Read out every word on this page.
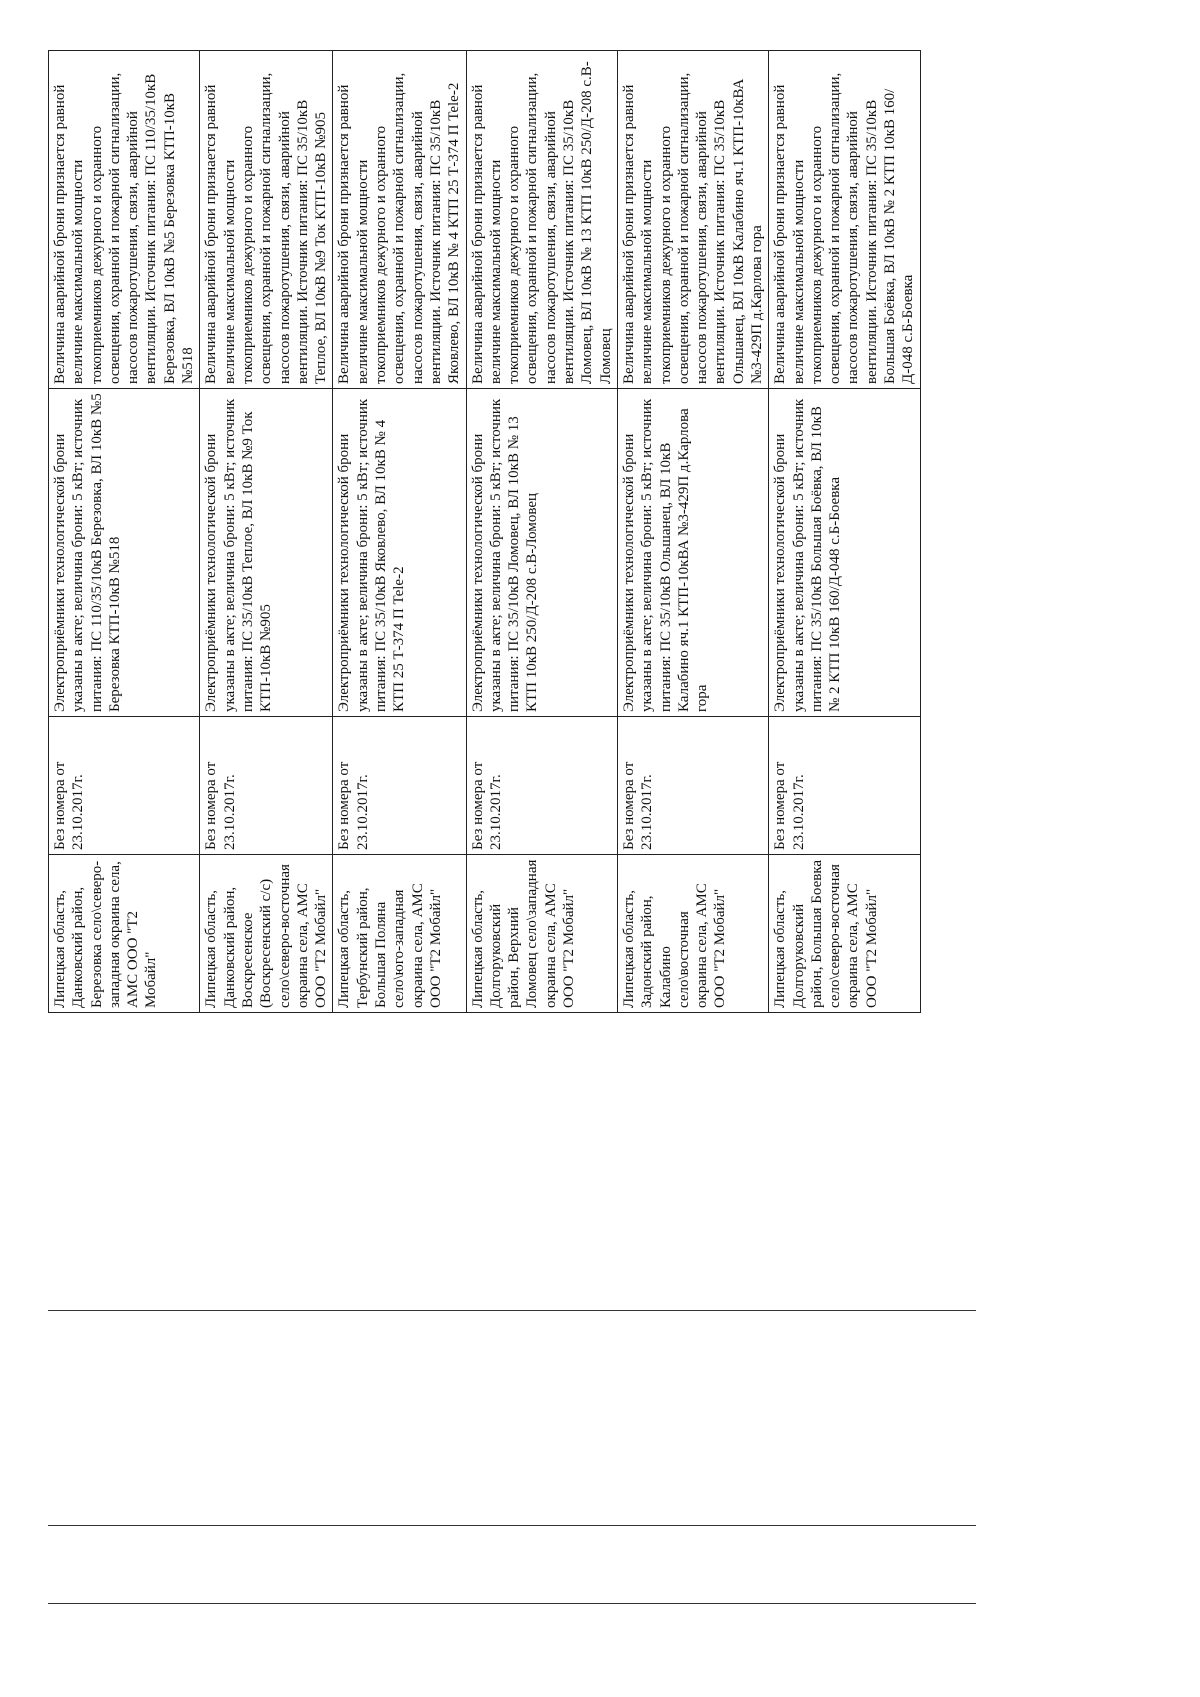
Липецкая область, Данковский район, Березовка село\северо-западная окраина села, АМС ООО "Т2 Мобайл"	Без номера от 23.10.2017г.	Электроприёмники технологической брони указаны в акте; величина брони: 5 кВт; источник питания: ПС 110/35/10кВ Березовка, ВЛ 10кВ №5 Березовка КТП-10кВ №518	Величина аварийной брони признается равной величине максимальной мощности токоприемников дежурного и охранного освещения, охранной и пожарной сигнализации, насосов пожаротушения, связи, аварийной вентиляции. Источник питания: ПС 110/35/10кВ Березовка, ВЛ 10кВ №5 Березовка КТП-10кВ №518
Липецкая область, Данковский район, Воскресенское (Воскресенский с/с) село\северо-восточная окраина села, АМС ООО "Т2 Мобайл"	Без номера от 23.10.2017г.	Электроприёмники технологической брони указаны в акте; величина брони: 5 кВт; источник питания: ПС 35/10кВ Теплое, ВЛ 10кВ №9 Ток КТП-10кВ №905	Величина аварийной брони признается равной величине максимальной мощности токоприемников дежурного и охранного освещения, охранной и пожарной сигнализации, насосов пожаротушения, связи, аварийной вентиляции. Источник питания: ПС 35/10кВ Теплое, ВЛ 10кВ №9 Ток КТП-10кВ №905
Липецкая область, Тербунский район, Большая Поляна село\юго-западная окраина села, АМС ООО "Т2 Мобайл"	Без номера от 23.10.2017г.	Электроприёмники технологической брони указаны в акте; величина брони: 5 кВт; источник питания: ПС 35/10кВ Яковлево, ВЛ 10кВ № 4 КТП 25 Т-374 П Tele-2	Величина аварийной брони признается равной величине максимальной мощности токоприемников дежурного и охранного освещения, охранной и пожарной сигнализации, насосов пожаротушения, связи, аварийной вентиляции. Источник питания: ПС 35/10кВ Яковлево, ВЛ 10кВ № 4 КТП 25 Т-374 П Tele-2
Липецкая область, Долгоруковский район, Верхний Ломовец село\западная окраина села, АМС ООО "Т2 Мобайл"	Без номера от 23.10.2017г.	Электроприёмники технологической брони указаны в акте; величина брони: 5 кВт; источник питания: ПС 35/10кВ Ломовец, ВЛ 10кВ № 13 КТП 10кВ 250/Д-208 с.В-Ломовец	Величина аварийной брони признается равной величине максимальной мощности токоприемников дежурного и охранного освещения, охранной и пожарной сигнализации, насосов пожаротушения, связи, аварийной вентиляции. Источник питания: ПС 35/10кВ Ломовец, ВЛ 10кВ № 13 КТП 10кВ 250/Д-208 с.В-Ломовец
Липецкая область, Задонский район, Калабино село\восточная окраина села, АМС ООО "Т2 Мобайл"	Без номера от 23.10.2017г.	Электроприёмники технологической брони указаны в акте; величина брони: 5 кВт; источник питания: ПС 35/10кВ Ольшанец, ВЛ 10кВ Калабино яч.1 КТП-10кВА №3-429П д.Карлова гора	Величина аварийной брони признается равной величине максимальной мощности токоприемников дежурного и охранного освещения, охранной и пожарной сигнализации, насосов пожаротушения, связи, аварийной вентиляции. Источник питания: ПС 35/10кВ Ольшанец, ВЛ 10кВ Калабино яч.1 КТП-10кВА №3-429П д.Карлова гора
Липецкая область, Долгоруковский район, Большая Боевка село\северо-восточная окраина села, АМС ООО "Т2 Мобайл"	Без номера от 23.10.2017г.	Электроприёмники технологической брони указаны в акте; величина брони: 5 кВт; источник питания: ПС 35/10кВ Большая Боёвка, ВЛ 10кВ № 2 КТП 10кВ 160/Д-048 с.Б-Боевка	Величина аварийной брони признается равной величине максимальной мощности токоприемников дежурного и охранного освещения, охранной и пожарной сигнализации, насосов пожаротушения, связи, аварийной вентиляции. Источник питания: ПС 35/10кВ Большая Боёвка, ВЛ 10кВ № 2 КТП 10кВ 160/Д-048 с.Б-Боевка
